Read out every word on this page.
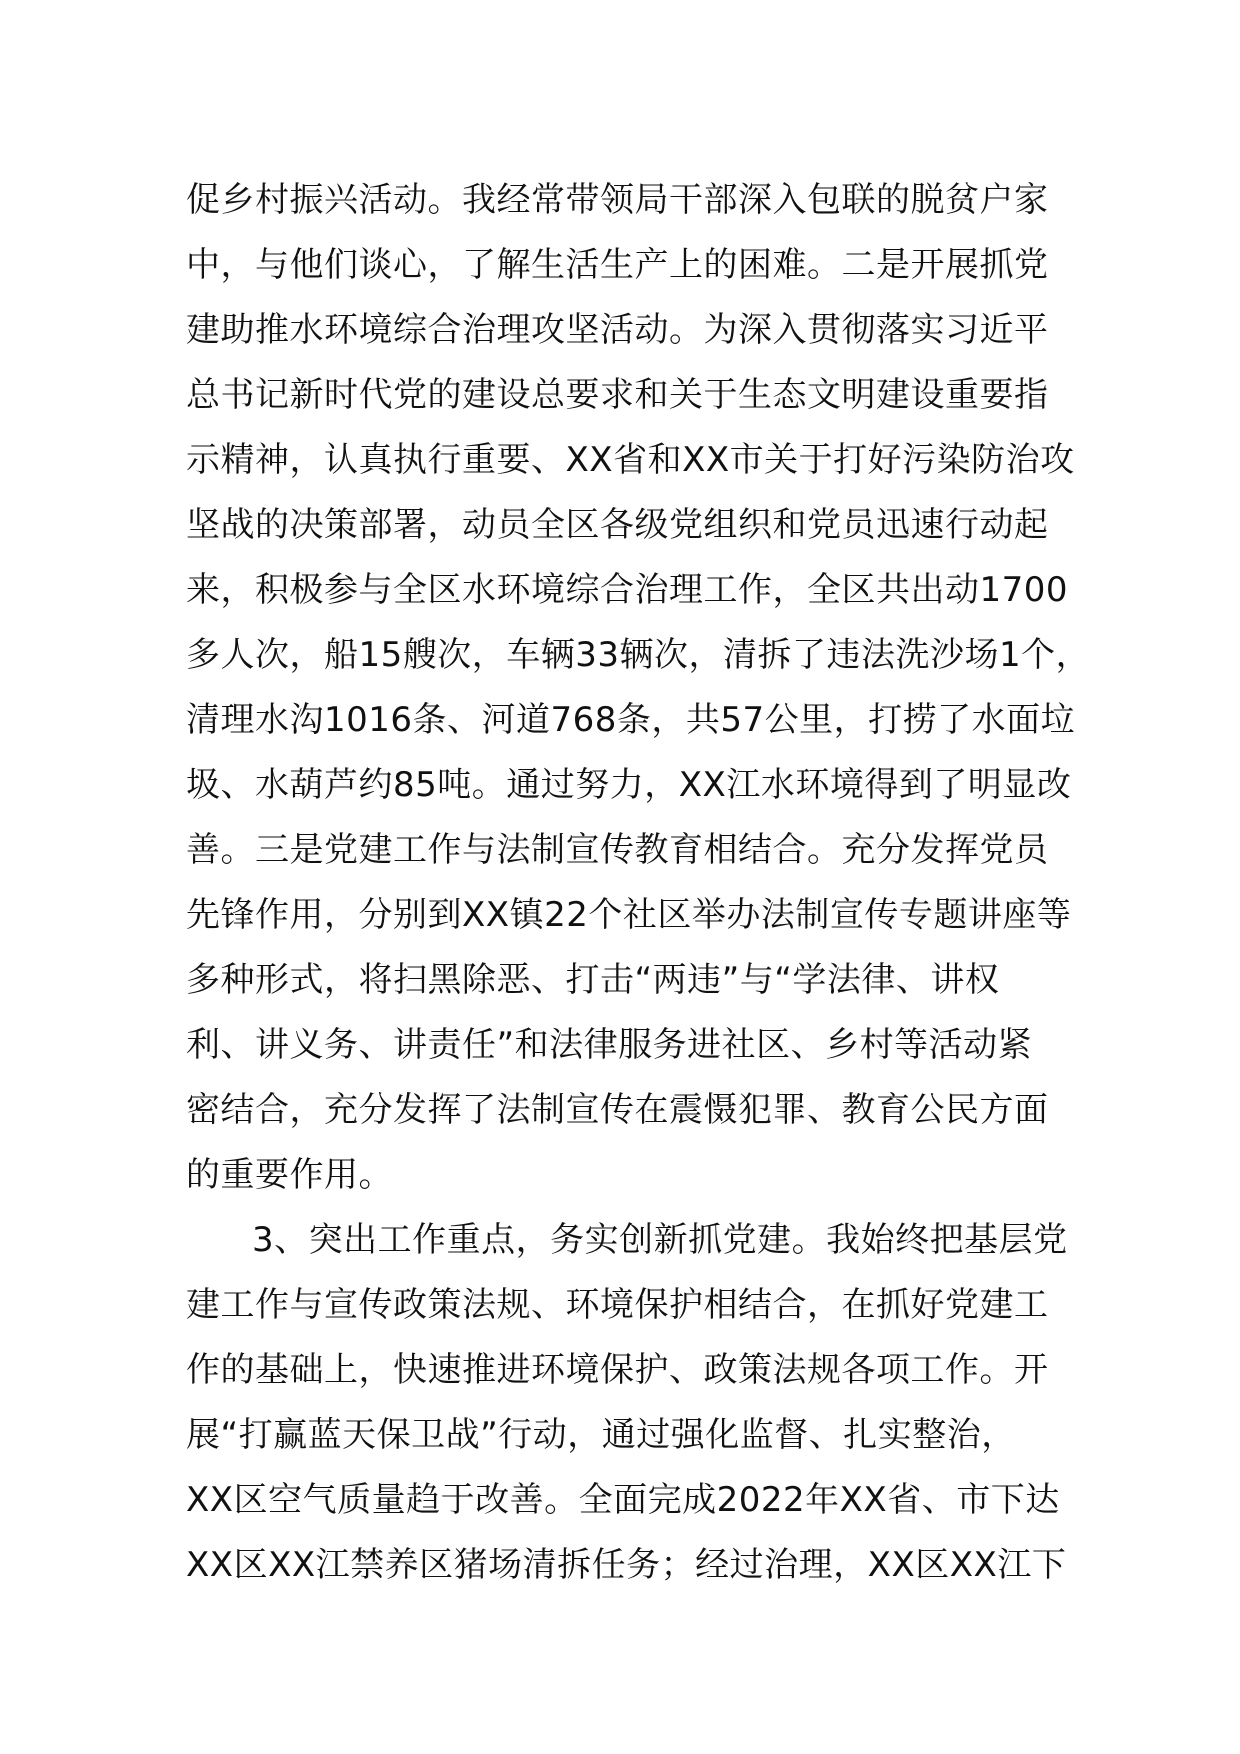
促乡村振兴活动。我经常带领局干部深入包联的脱贫户家
中，与他们谈心，了解生活生产上的困难。二是开展抓党
建助推水环境综合治理攻坚活动。为深入贯彻落实习近平
总书记新时代党的建设总要求和关于生态文明建设重要指
示精神，认真执行重要、XX省和XX市关于打好污染防治攻
坚战的决策部署，动员全区各级党组织和党员迅速行动起
来，积极参与全区水环境综合治理工作，全区共出动1700
多人次，船15艘次，车辆33辆次，清拆了违法洗沙场1个，
清理水沟1016条、河道768条，共57公里，打捞了水面垃
圾、水葫芦约85吨。通过努力，XX江水环境得到了明显改
善。三是党建工作与法制宣传教育相结合。充分发挥党员
先锋作用，分别到XX镇22个社区举办法制宣传专题讲座等
多种形式，将扫黑除恶、打击“两违”与“学法律、讲权
利、讲义务、讲责任”和法律服务进社区、乡村等活动紧
密结合，充分发挥了法制宣传在震慑犯罪、教育公民方面
的重要作用。
3、突出工作重点，务实创新抓党建。我始终把基层党
建工作与宣传政策法规、环境保护相结合，在抓好党建工
作的基础上，快速推进环境保护、政策法规各项工作。开
展“打赢蓝天保卫战”行动，通过强化监督、扎实整治，
XX区空气质量趋于改善。全面完成2022年XX省、市下达
XX区XX江禁养区猪场清拆任务；经过治理，XX区XX江下
